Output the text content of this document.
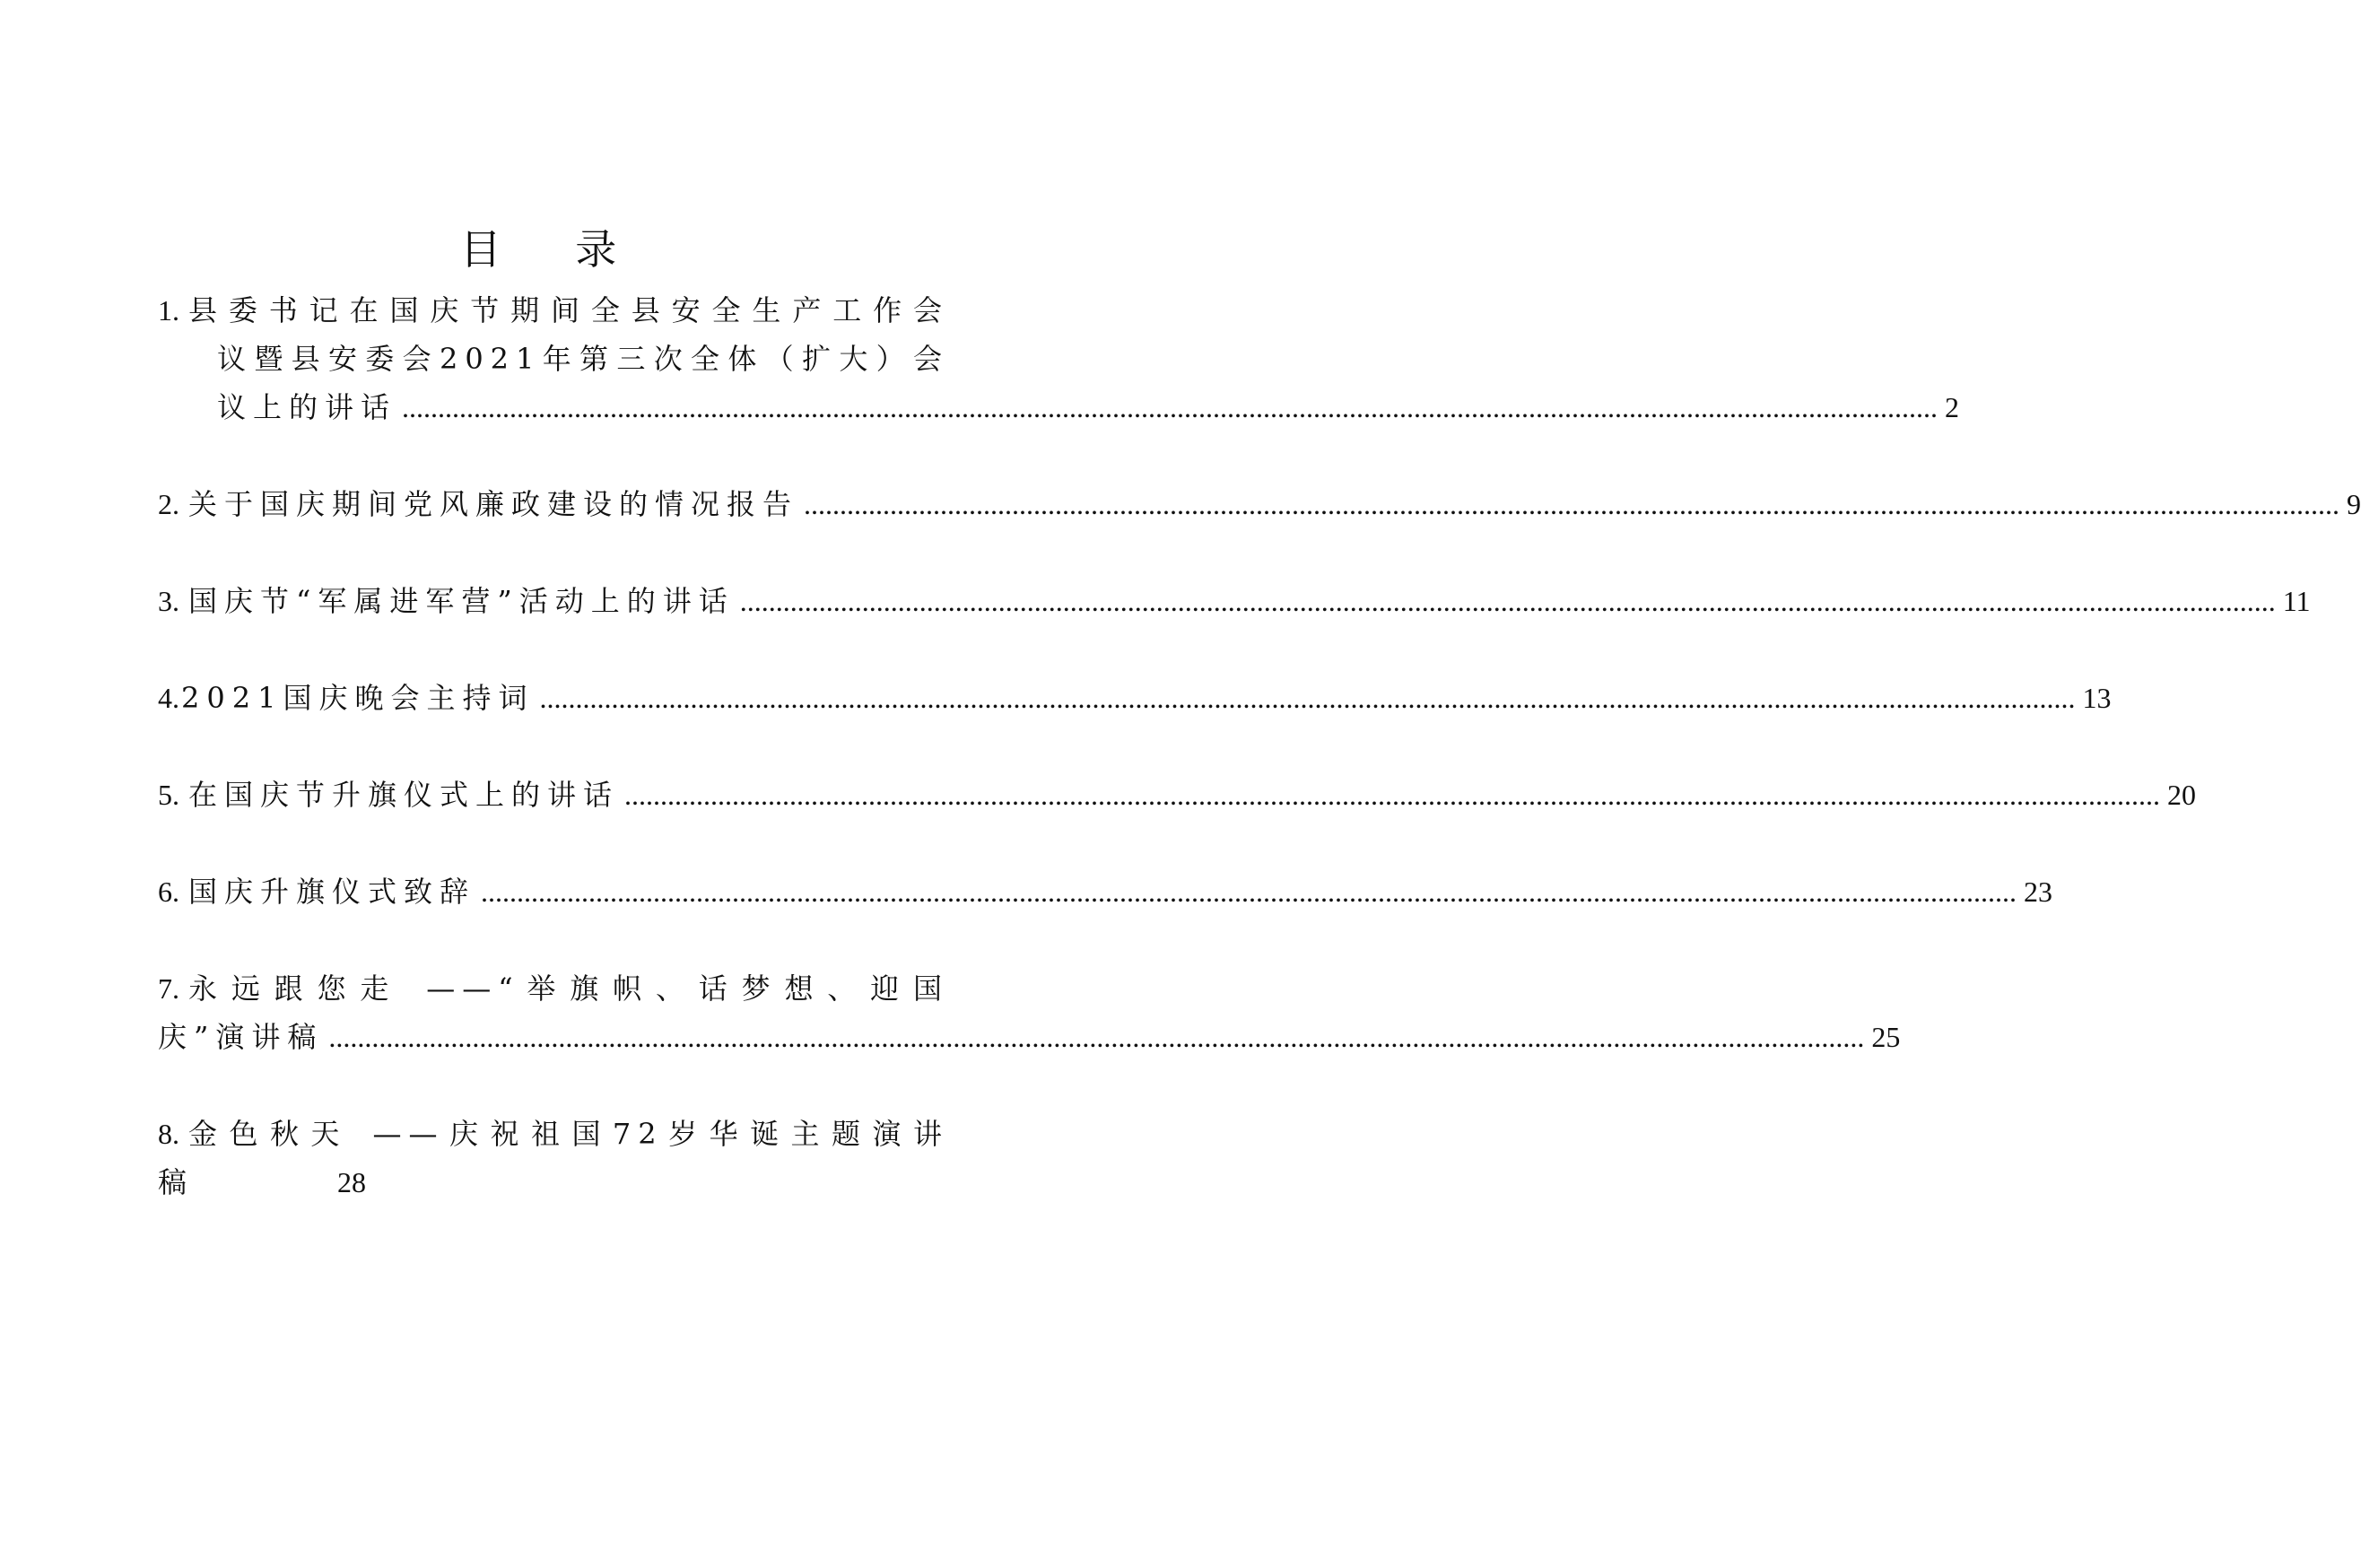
目 录
1. 县委书记在国庆节期间全县安全生产工作会
议暨县安委会2021年第三次全体（扩大）会
议上的讲话 ...................................................................................................................................................................................................................... 2
2. 关于国庆期间党风廉政建设的情况报告 ...................................................................................................................................................................................................................... 9
3. 国庆节“军属进军营”活动上的讲话 ...................................................................................................................................................................................................................... 11
4. 2021国庆晚会主持词 ...................................................................................................................................................................................................................... 13
5. 在国庆节升旗仪式上的讲话 ...................................................................................................................................................................................................................... 20
6. 国庆升旗仪式致辞 ...................................................................................................................................................................................................................... 23
7. 永远跟您走 ——“举旗帜、话梦想、迎国
庆”演讲稿 ...................................................................................................................................................................................................................... 25
8. 金色秋天 ——庆祝祖国72岁华诞主题演讲
稿	28
